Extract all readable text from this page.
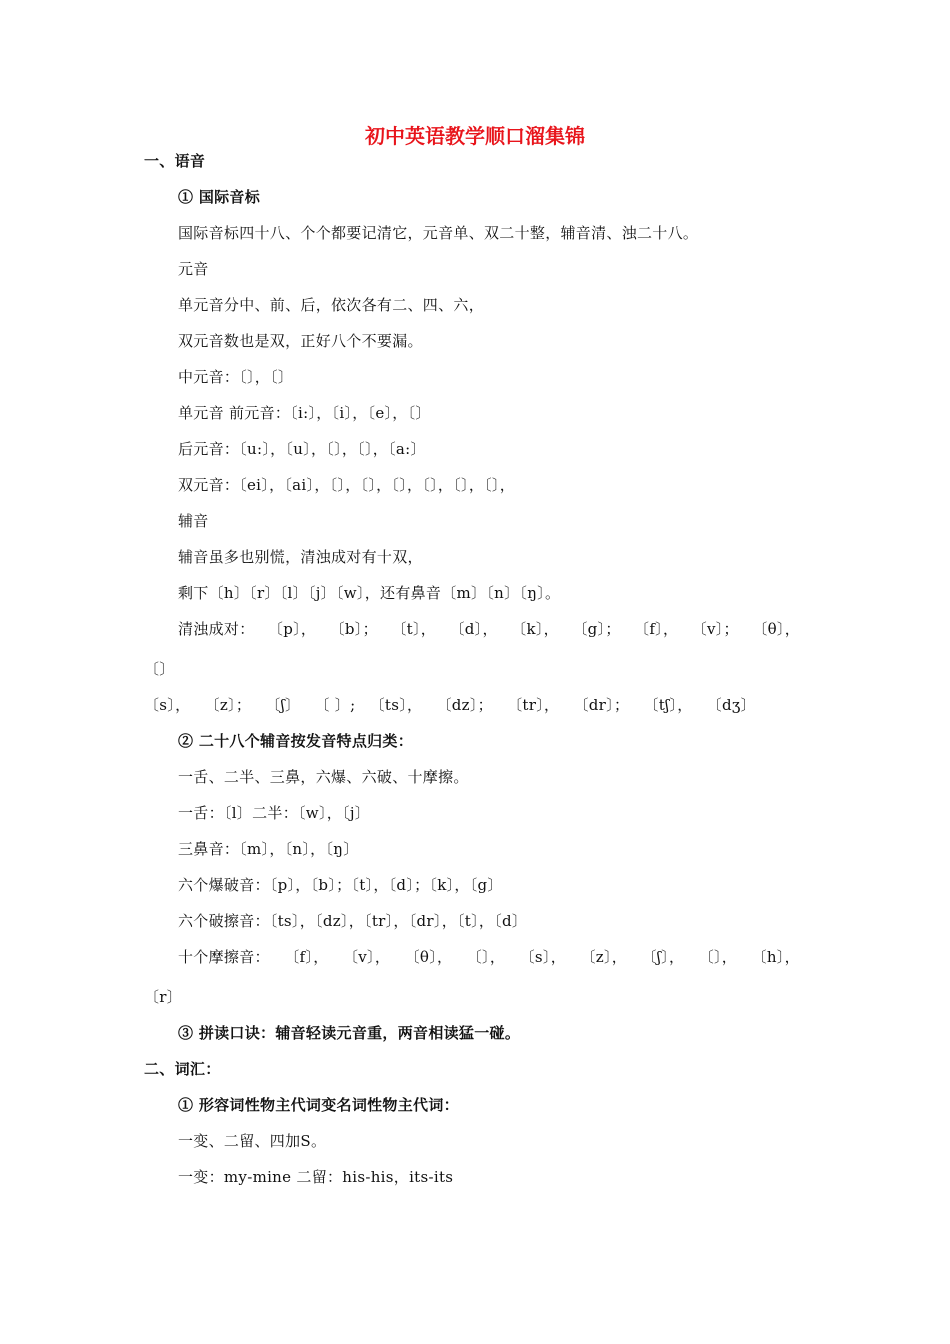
初中英语教学顺口溜集锦
一、语音
① 国际音标
国际音标四十八、个个都要记清它，元音单、双二十整，辅音清、浊二十八。
元音
单元音分中、前、后，依次各有二、四、六，
双元音数也是双，正好八个不要漏。
中元音：〔〕，〔〕
单元音 前元音：〔i:〕，〔i〕，〔e〕，〔〕
后元音：〔u:〕，〔u〕，〔〕，〔〕，〔a:〕
双元音：〔ei〕，〔ai〕，〔〕，〔〕，〔〕，〔〕，〔〕，〔〕，
辅音
辅音虽多也别慌，清浊成对有十双，
剩下〔h〕〔r〕〔l〕〔j〕〔w〕，还有鼻音〔m〕〔n〕〔ŋ〕。
清浊成对： 〔p〕， 〔b〕； 〔t〕， 〔d〕， 〔k〕， 〔g〕； 〔f〕， 〔v〕； 〔θ〕，
〔〕
〔s〕， 〔z〕； 〔ʃ〕 〔 〕; 〔ts〕， 〔dz〕； 〔tr〕， 〔dr〕； 〔tʃ〕， 〔dʒ〕
② 二十八个辅音按发音特点归类：
一舌、二半、三鼻，六爆、六破、十摩擦。
一舌：〔l〕二半：〔w〕，〔j〕
三鼻音：〔m〕，〔n〕，〔ŋ〕
六个爆破音：〔p〕，〔b〕；〔t〕，〔d〕；〔k〕，〔g〕
六个破擦音：〔ts〕，〔dz〕，〔tr〕，〔dr〕，〔t〕，〔d〕
十个摩擦音： 〔f〕， 〔v〕， 〔θ〕， 〔〕， 〔s〕， 〔z〕， 〔ʃ〕， 〔〕， 〔h〕，
〔r〕
③ 拼读口诀：辅音轻读元音重，两音相读猛一碰。
二、词汇：
① 形容词性物主代词变名词性物主代词：
一变、二留、四加S。
一变：my-mine 二留：his-his，its-its
